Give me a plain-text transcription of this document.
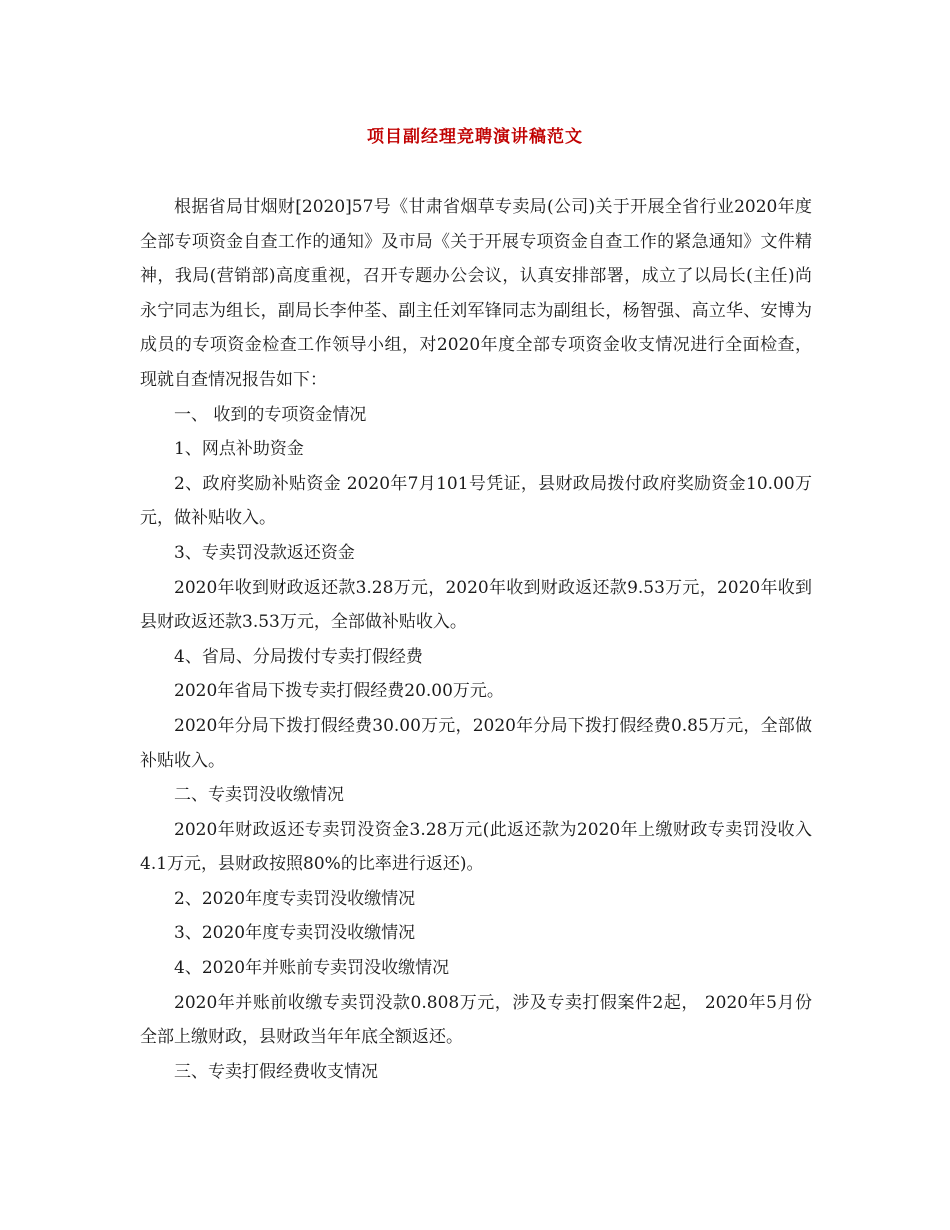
项目副经理竞聘演讲稿范文

根据省局甘烟财[2020]57号《甘肃省烟草专卖局(公司)关于开展全省行业2020年度全部专项资金自查工作的通知》及市局《关于开展专项资金自查工作的紧急通知》文件精神，我局(营销部)高度重视，召开专题办公会议，认真安排部署，成立了以局长(主任)尚永宁同志为组长，副局长李仲荃、副主任刘军锋同志为副组长，杨智强、高立华、安博为成员的专项资金检查工作领导小组，对2020年度全部专项资金收支情况进行全面检查，现就自查情况报告如下：

一、 收到的专项资金情况

1、网点补助资金

2、政府奖励补贴资金 2020年7月101号凭证，县财政局拨付政府奖励资金10.00万元，做补贴收入。

3、专卖罚没款返还资金

2020年收到财政返还款3.28万元，2020年收到财政返还款9.53万元，2020年收到县财政返还款3.53万元，全部做补贴收入。

4、省局、分局拨付专卖打假经费

2020年省局下拨专卖打假经费20.00万元。

2020年分局下拨打假经费30.00万元，2020年分局下拨打假经费0.85万元，全部做补贴收入。

二、专卖罚没收缴情况

2020年财政返还专卖罚没资金3.28万元(此返还款为2020年上缴财政专卖罚没收入4.1万元，县财政按照80%的比率进行返还)。

2、2020年度专卖罚没收缴情况

3、2020年度专卖罚没收缴情况

4、2020年并账前专卖罚没收缴情况

2020年并账前收缴专卖罚没款0.808万元，涉及专卖打假案件2起， 2020年5月份全部上缴财政，县财政当年年底全额返还。

三、专卖打假经费收支情况
